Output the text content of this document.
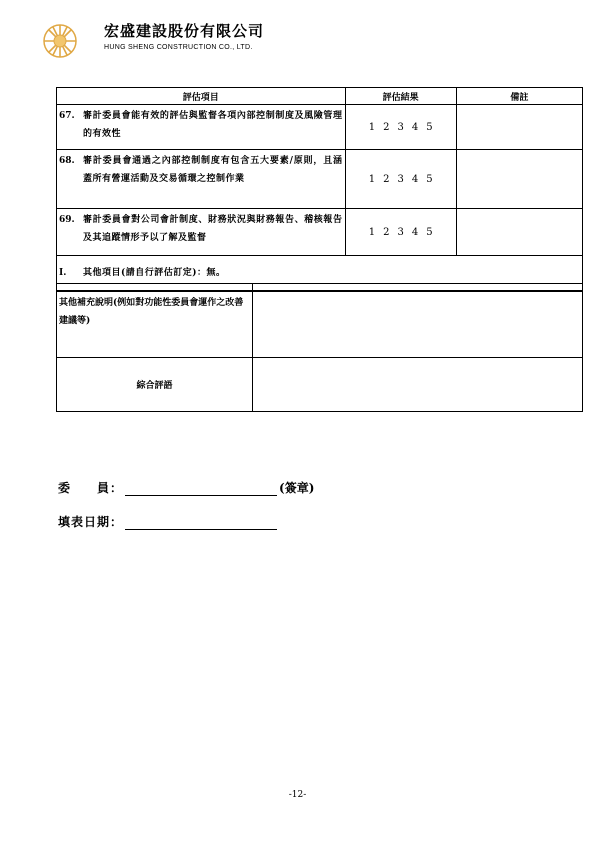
宏盛建設股份有限公司
HUNG SHENG CONSTRUCTION CO., LTD.
評估項目	評估結果	備註

67. 審計委員會能有效的評估與監督各項內部控制制度及風險管理的有效性	1 2 3 4 5	

68. 審計委員會通過之內部控制制度有包含五大要素/原則，且涵蓋所有營運活動及交易循環之控制作業	1 2 3 4 5	

69. 審計委員會對公司會計制度、財務狀況與財務報告、稽核報告及其追蹤情形予以了解及監督	1 2 3 4 5	

I. 其他項目(請自行評估訂定)：無。		
其他補充說明(例如對功能性委員會運作之改善建議等)	
綜合評語	
委　　員：	(簽章)
填表日期：
-12-
